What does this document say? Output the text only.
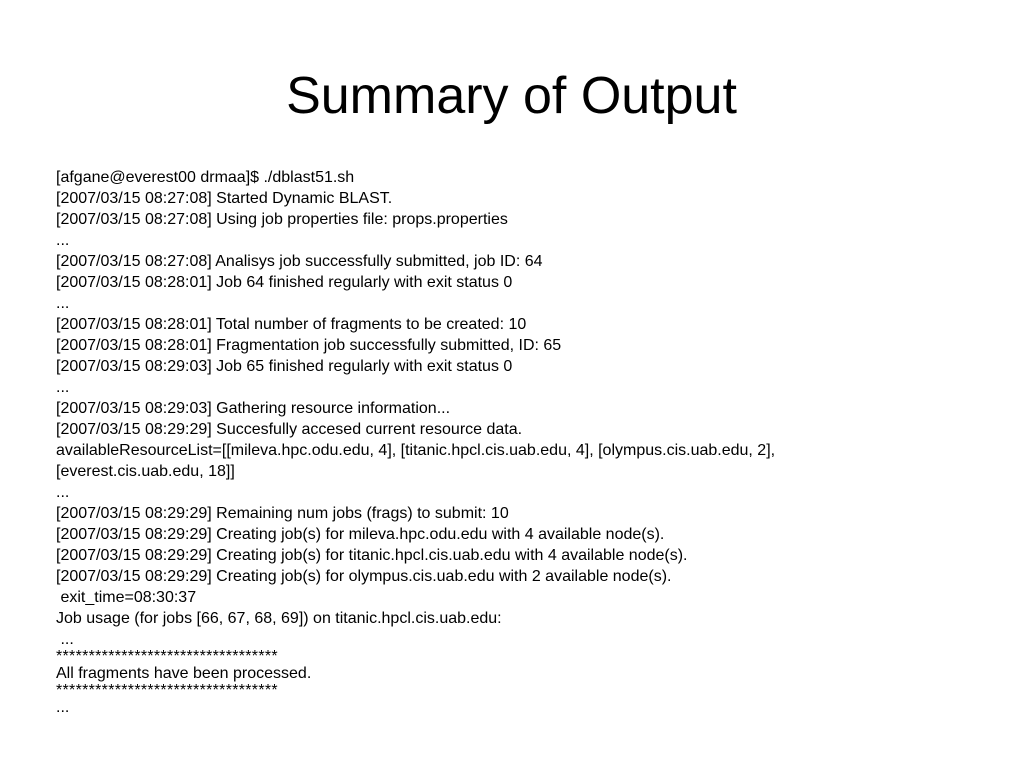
Summary of Output
[afgane@everest00 drmaa]$ ./dblast51.sh
[2007/03/15 08:27:08] Started Dynamic BLAST.
[2007/03/15 08:27:08] Using job properties file: props.properties
...
[2007/03/15 08:27:08] Analisys job successfully submitted, job ID: 64
[2007/03/15 08:28:01] Job 64 finished regularly with exit status 0
...
[2007/03/15 08:28:01] Total number of fragments to be created: 10
[2007/03/15 08:28:01] Fragmentation job successfully submitted, ID: 65
[2007/03/15 08:29:03] Job 65 finished regularly with exit status 0
...
[2007/03/15 08:29:03] Gathering resource information...
[2007/03/15 08:29:29] Succesfully accesed current resource data.
availableResourceList=[[mileva.hpc.odu.edu, 4], [titanic.hpcl.cis.uab.edu, 4], [olympus.cis.uab.edu, 2],
[everest.cis.uab.edu, 18]]
...
[2007/03/15 08:29:29] Remaining num jobs (frags) to submit: 10
[2007/03/15 08:29:29] Creating job(s) for mileva.hpc.odu.edu with 4 available node(s).
[2007/03/15 08:29:29] Creating job(s) for titanic.hpcl.cis.uab.edu with 4 available node(s).
[2007/03/15 08:29:29] Creating job(s) for olympus.cis.uab.edu with 2 available node(s).
exit_time=08:30:37
Job usage (for jobs [66, 67, 68, 69]) on titanic.hpcl.cis.uab.edu:
...
**********************************
All fragments have been processed.
**********************************
...
